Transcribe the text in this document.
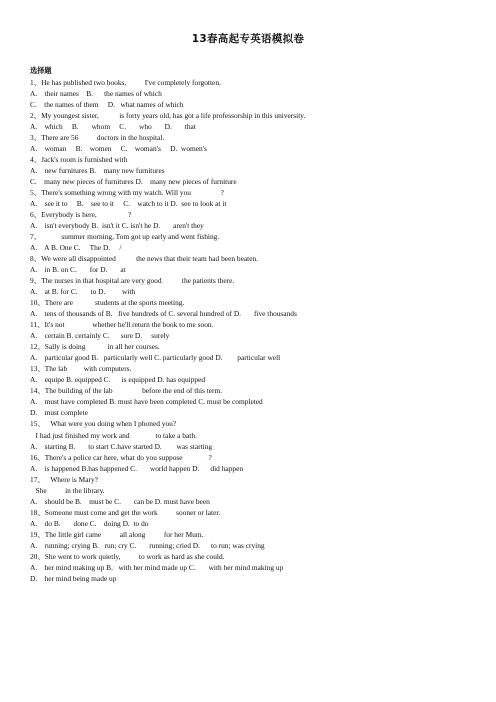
13春高起专英语模拟卷
选择题
1、He has published two books,          I've completely forgotten.
A.    their names    B.      the names of which
C.    the names of them     D.   what names of which
2、My youngest sister,           is forty years old, has got a life professorship in this university.
A.    which     B.       whom     C.       who       D.       that
3、There are 56          doctors in the hospital.
A.    woman     B.    women     C.    woman's     D.  women's
4、Jack's room is furnished with
A.    new furnitures B.    many new furnitures
C.    many new pieces of furnitures D.    many new pieces of furniture
5、There's something wrong with my watch. Will you                ?
A.    see it to     B.    see to it     C.    watch to it D.  see to look at it
6、Everybody is here,                 ?
A.    isn't everybody B.  isn't it C. isn't he D.       aren't they
7、           summer morning, Tom got up early and went fishing.
A.    A B. One C.     The D.     /
8、We were all disappointed           the news that their team had been beaten.
A.    in B. on C.       for D.       at
9、The nurses in that hospital are very good           the patients there.
A.    at B. for C.       to D.         with
10、There are            students at the sports meeting.
A.    tens of thousands of B.   five hundreds of C. several hundred of D.       five thousands
11、It's not               whether he'll return the book to me soon.
A.    certain B. certainly C.      sure D.     surely
12、Sally is doing            in all her courses.
A.    particular good B.   particularly well C. particularly good D.        particular well
13、The lab         with computers.
A.    equipe B. equipped C.      is equipped D. has equipped
14、The building of the lab                before the end of this term.
A.    must have completed B. must have been completed C. must be completed
D.    must complete
15、   What were you doing when I phoned you?
I had just finished my work and              to take a bath.
A.    starting B.       to start C.have started D.        was starting
16、There's a police car here, what do you suppose              ?
A.    is happened B.has happened C.       world happen D.      did happen
17、   Where is Mary?
She          in the library.
A.    should be B.    must be C.       can be D. must have been
18、Someone must come and get the work          sooner or later.
A.    do B.       done C.    doing D.  to do
19、The little girl came          all along          for her Mum.
A.    running; crying B.   run; cry C.       running; cried D.      to run; was crying
20、She went to work quietly,          to work as hard as she could.
A.    her mind making up B.   with her mind made up C.       with her mind making up
D.    her mind being made up
